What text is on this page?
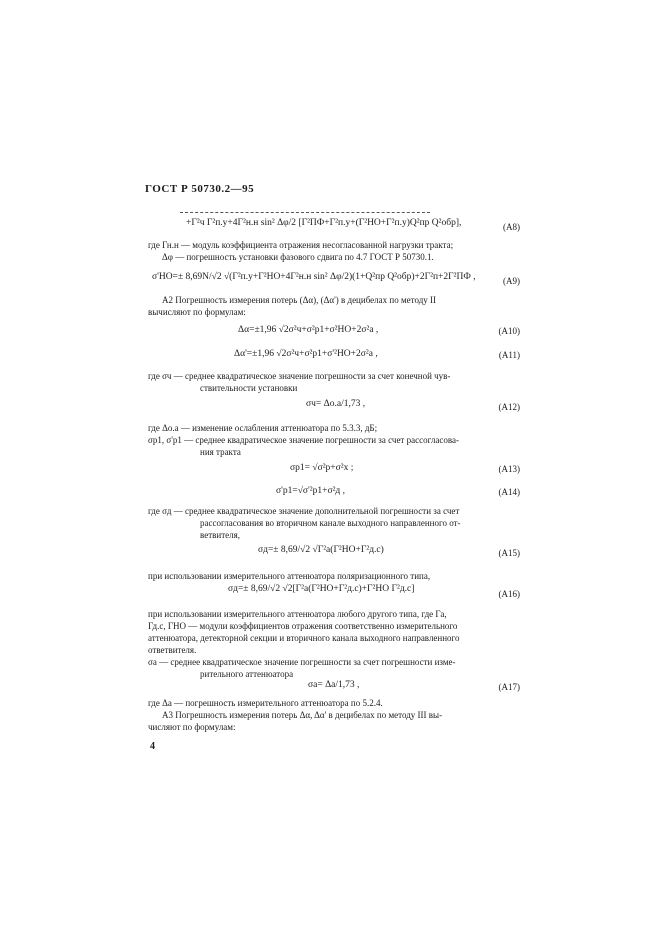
ГОСТ Р 50730.2—95
+Г²ч Г²п.у+4Г²н.н sin² Δφ/2 [Г²ПФ+Г²п.у+(Г²НО+Г²п.у)Q²пр Q²обр],	(А8)
где Гн.н — модуль коэффициента отражения несогласованной нагрузки тракта;
Δφ — погрешность установки фазового сдвига по 4.7 ГОСТ Р 50730.1.
σ'НО=± 8,69N/√2 √(Г²п.у+Г²НО+4Г²н.н sin² Δφ/2)(1+Q²пр Q²обр)+2Г²п+2Г²ПФ ,	(А9)
А2 Погрешность измерения потерь (Δα), (Δα') в децибелах по методу II
вычисляют по формулам:
Δα=±1,96 √2σ²ч+σ²р1+σ²НО+2σ²а ,	(А10)
Δα'=±1,96 √2σ²ч+σ²р1+σ'²НО+2σ²а ,	(А11)
где σч — среднее квадратическое значение погрешности за счет конечной чув-
ствительности установки
σч= Δо.а/1,73 ,	(А12)
где Δо.а — изменение ослабления аттенюатора по 5.3.3, дБ;
σр1, σ'р1 — среднее квадратическое значение погрешности за счет рассогласова-
ния тракта
σр1= √σ²р+σ²х ;	(А13)
σ'р1=√σ'²р1+σ²д ,	(А14)
где σд — среднее квадратическое значение дополнительной погрешности за счет
рассогласования во вторичном канале выходного направленного от-
ветвителя,
σд=± 8,69/√2 √Г²а(Г²НО+Г²д.с)	(А15)
при использовании измерительного аттенюатора поляризационного типа,
σд=± 8,69/√2 √2[Г²а(Г²НО+Г²д.с)+Г²НО Г²д.с]	(А16)
при использовании измерительного аттенюатора любого другого типа, где Га,
Гд.с, ГНО — модули коэффициентов отражения соответственно измерительного
аттенюатора, детекторной секции и вторичного канала выходного направленного
ответвителя.
σа — среднее квадратическое значение погрешности за счет погрешности изме-
рительного аттенюатора
σа= Δа/1,73 ,	(А17)
где Δа — погрешность измерительного аттенюатора по 5.2.4.
А3 Погрешность измерения потерь Δα, Δα' в децибелах по методу III вы-
числяют по формулам:
4
